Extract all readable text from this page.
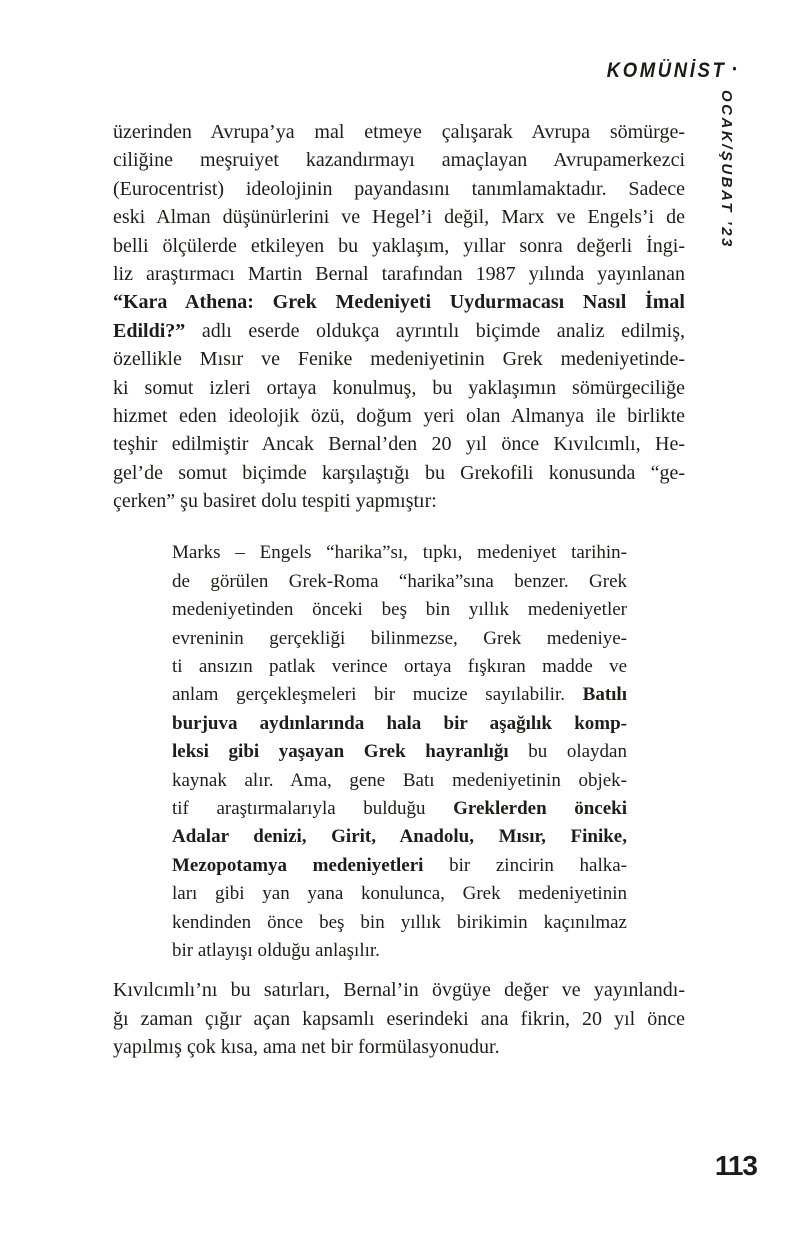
KOMÜNİST •
OCAK/ŞUBAT ’23
üzerinden Avrupa’ya mal etmeye çalışarak Avrupa sömürge-
ciliğine meşruiyet kazandırmayı amaçlayan Avrupamerkezci
(Eurocentrist) ideolojinin payandasını tanımlamaktadır. Sadece
eski Alman düşünürlerini ve Hegel’i değil, Marx ve Engels’i de
belli ölçülerde etkileyen bu yaklaşım, yıllar sonra değerli İngi-
liz araştırmacı Martin Bernal tarafından 1987 yılında yayınlanan
“Kara Athena: Grek Medeniyeti Uydurmacası Nasıl İmal
Edildi?” adlı eserde oldukça ayrıntılı biçimde analiz edilmiş,
özellikle Mısır ve Fenike medeniyetinin Grek medeniyetinde-
ki somut izleri ortaya konulmuş, bu yaklaşımın sömürgeciliğe
hizmet eden ideolojik özü, doğum yeri olan Almanya ile birlikte
teşhir edilmiştir Ancak Bernal’den 20 yıl önce Kıvılcımlı, He-
gel’de somut biçimde karşılaştığı bu Grekofili konusunda “ge-
çerken” şu basiret dolu tespiti yapmıştır:
Marks – Engels “harika”sı, tıpkı, medeniyet tarihin-
de görülen Grek-Roma “harika”sına benzer. Grek
medeniyetinden önceki beş bin yıllık medeniyetler
evreninin gerçekliği bilinmezse, Grek medeniye-
ti ansızın patlak verince ortaya fışkıran madde ve
anlam gerçekleşmeleri bir mucize sayılabilir. Batılı
burjuva aydınlarında hala bir aşağılık komp-
leksi gibi yaşayan Grek hayranlığı bu olaydan
kaynak alır. Ama, gene Batı medeniyetinin objek-
tif araştırmalarıyla bulduğu Greklerden önceki
Adalar denizi, Girit, Anadolu, Mısır, Finike,
Mezopotamya medeniyetleri bir zincirin halka-
ları gibi yan yana konulunca, Grek medeniyetinin
kendinden önce beş bin yıllık birikimin kaçınılmaz
bir atlayışı olduğu anlaşılır.
Kıvılcımlı’nı bu satırları, Bernal’in övgüye değer ve yayınlandı-
ğı zaman çığır açan kapsamlı eserindeki ana fikrin, 20 yıl önce
yapılmış çok kısa, ama net bir formülasyonudur.
113
